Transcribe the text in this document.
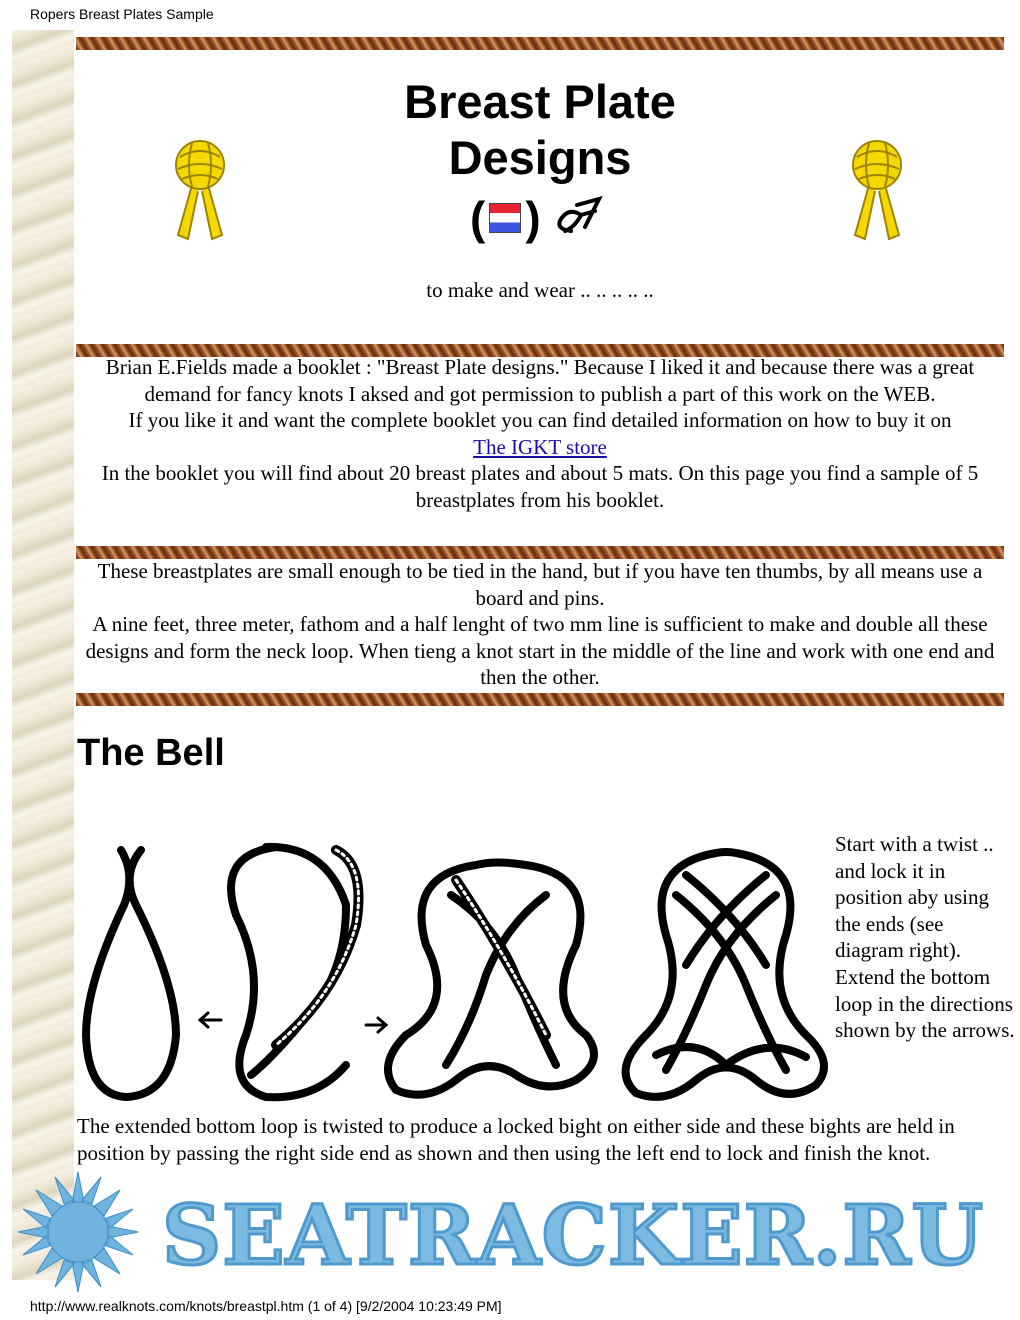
Ropers Breast Plates Sample
Breast Plate Designs
( )
to make and wear .. .. .. .. ..

Brian E.Fields made a booklet : "Breast Plate designs." Because I liked it and because there was a great demand for fancy knots I aksed and got permission to publish a part of this work on the WEB.

If you like it and want the complete booklet you can find detailed information on how to buy it on

The IGKT store

In the booklet you will find about 20 breast plates and about 5 mats. On this page you find a sample of 5 breastplates from his booklet.

These breastplates are small enough to be tied in the hand, but if you have ten thumbs, by all means use a board and pins.

A nine feet, three meter, fathom and a half lenght of two mm line is sufficient to make and double all these designs and form the neck loop. When tieng a knot start in the middle of the line and work with one end and then the other.

The Bell
Start with a twist .. and lock it in position aby using the ends (see diagram right). Extend the bottom loop in the directions shown by the arrows.
The extended bottom loop is twisted to produce a locked bight on either side and these bights are held in position by passing the right side end as shown and then using the left end to lock and finish the knot.
SEATRACKER.RU
http://www.realknots.com/knots/breastpl.htm (1 of 4) [9/2/2004 10:23:49 PM]
